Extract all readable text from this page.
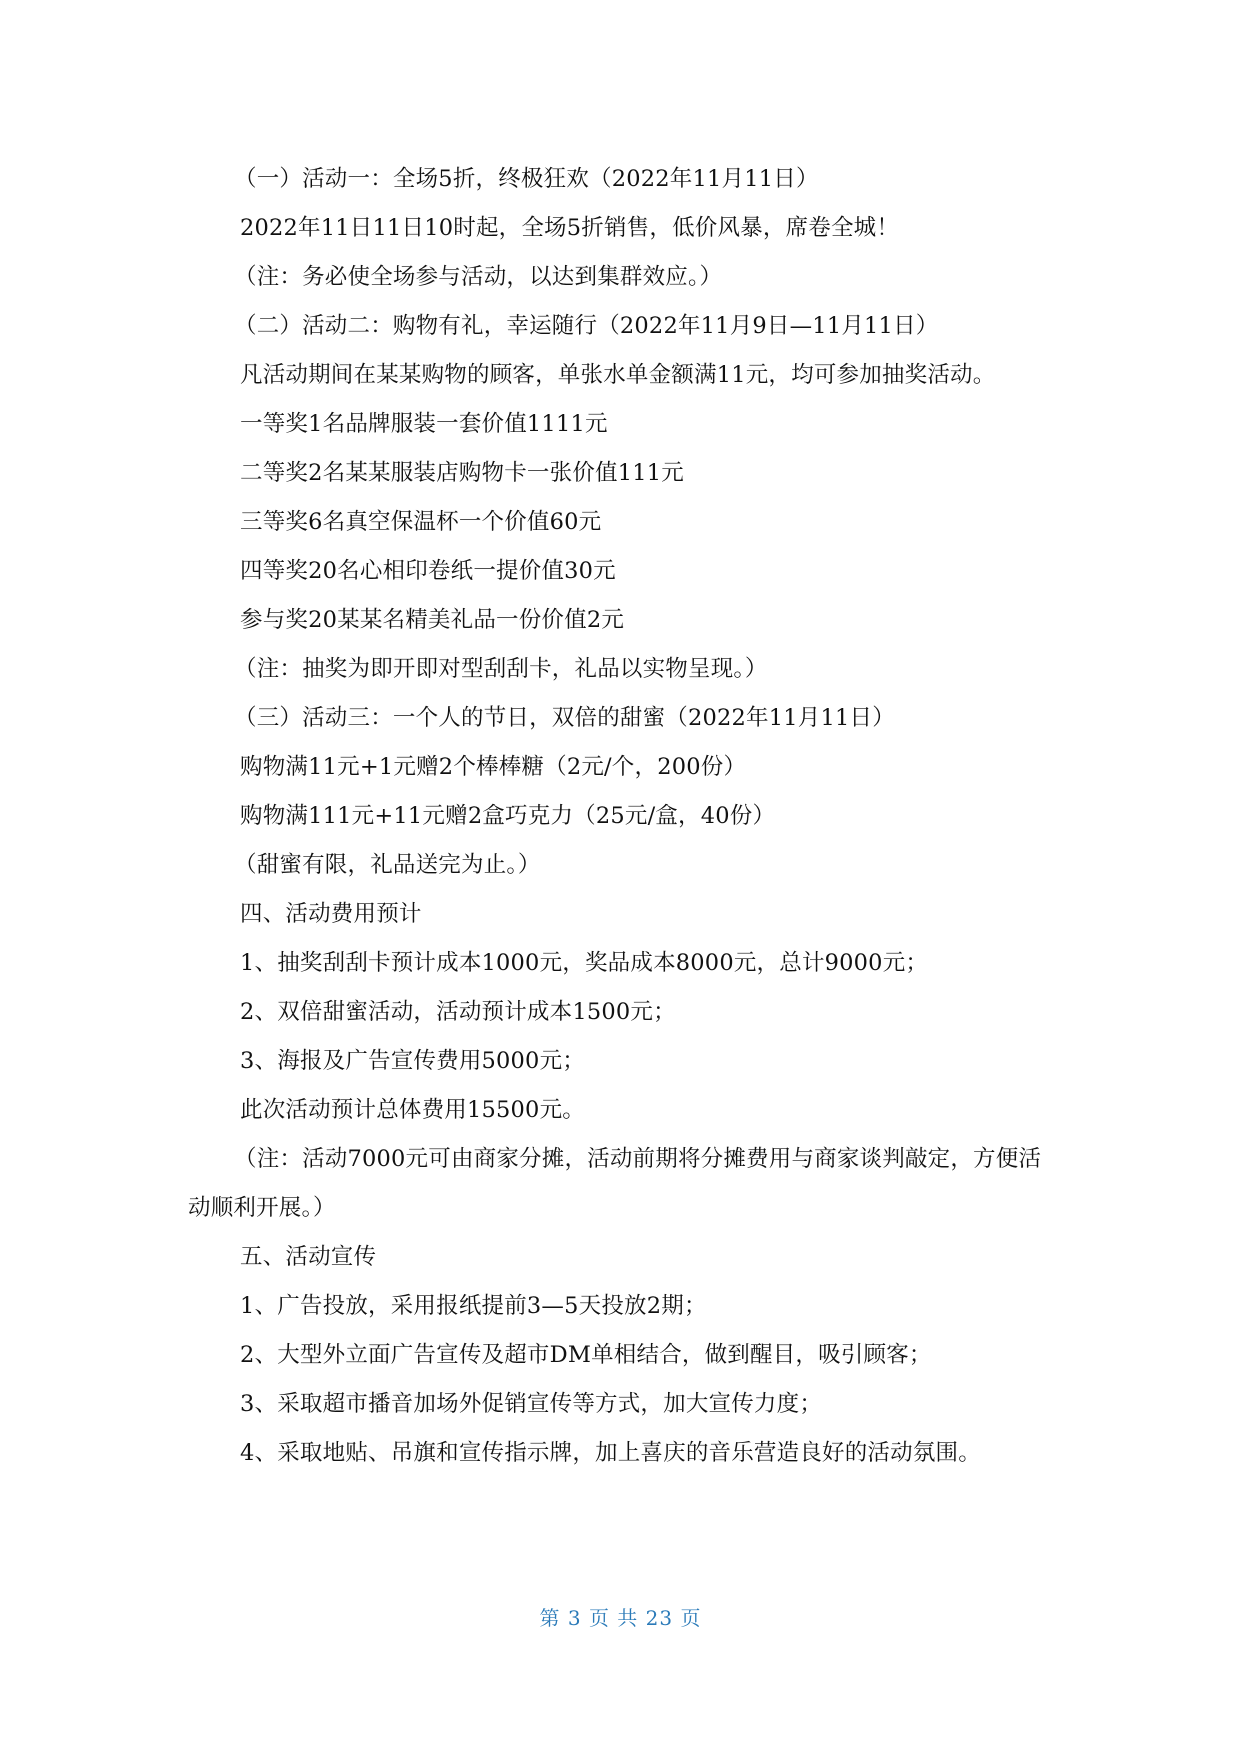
（一）活动一：全场5折，终极狂欢（2022年11月11日）

2022年11日11日10时起，全场5折销售，低价风暴，席卷全城！

（注：务必使全场参与活动，以达到集群效应。）

（二）活动二：购物有礼，幸运随行（2022年11月9日—11月11日）

凡活动期间在某某购物的顾客，单张水单金额满11元，均可参加抽奖活动。

一等奖1名品牌服装一套价值1111元

二等奖2名某某服装店购物卡一张价值111元

三等奖6名真空保温杯一个价值60元

四等奖20名心相印卷纸一提价值30元

参与奖20某某名精美礼品一份价值2元

（注：抽奖为即开即对型刮刮卡，礼品以实物呈现。）

（三）活动三：一个人的节日，双倍的甜蜜（2022年11月11日）

购物满11元+1元赠2个棒棒糖（2元/个，200份）

购物满111元+11元赠2盒巧克力（25元/盒，40份）

（甜蜜有限，礼品送完为止。）

四、活动费用预计

1、抽奖刮刮卡预计成本1000元，奖品成本8000元，总计9000元；

2、双倍甜蜜活动，活动预计成本1500元；

3、海报及广告宣传费用5000元；

此次活动预计总体费用15500元。

（注：活动7000元可由商家分摊，活动前期将分摊费用与商家谈判敲定，方便活动顺利开展。）

五、活动宣传

1、广告投放，采用报纸提前3—5天投放2期；

2、大型外立面广告宣传及超市DM单相结合，做到醒目，吸引顾客；

3、采取超市播音加场外促销宣传等方式，加大宣传力度；

4、采取地贴、吊旗和宣传指示牌，加上喜庆的音乐营造良好的活动氛围。

第 3 页 共 23 页
